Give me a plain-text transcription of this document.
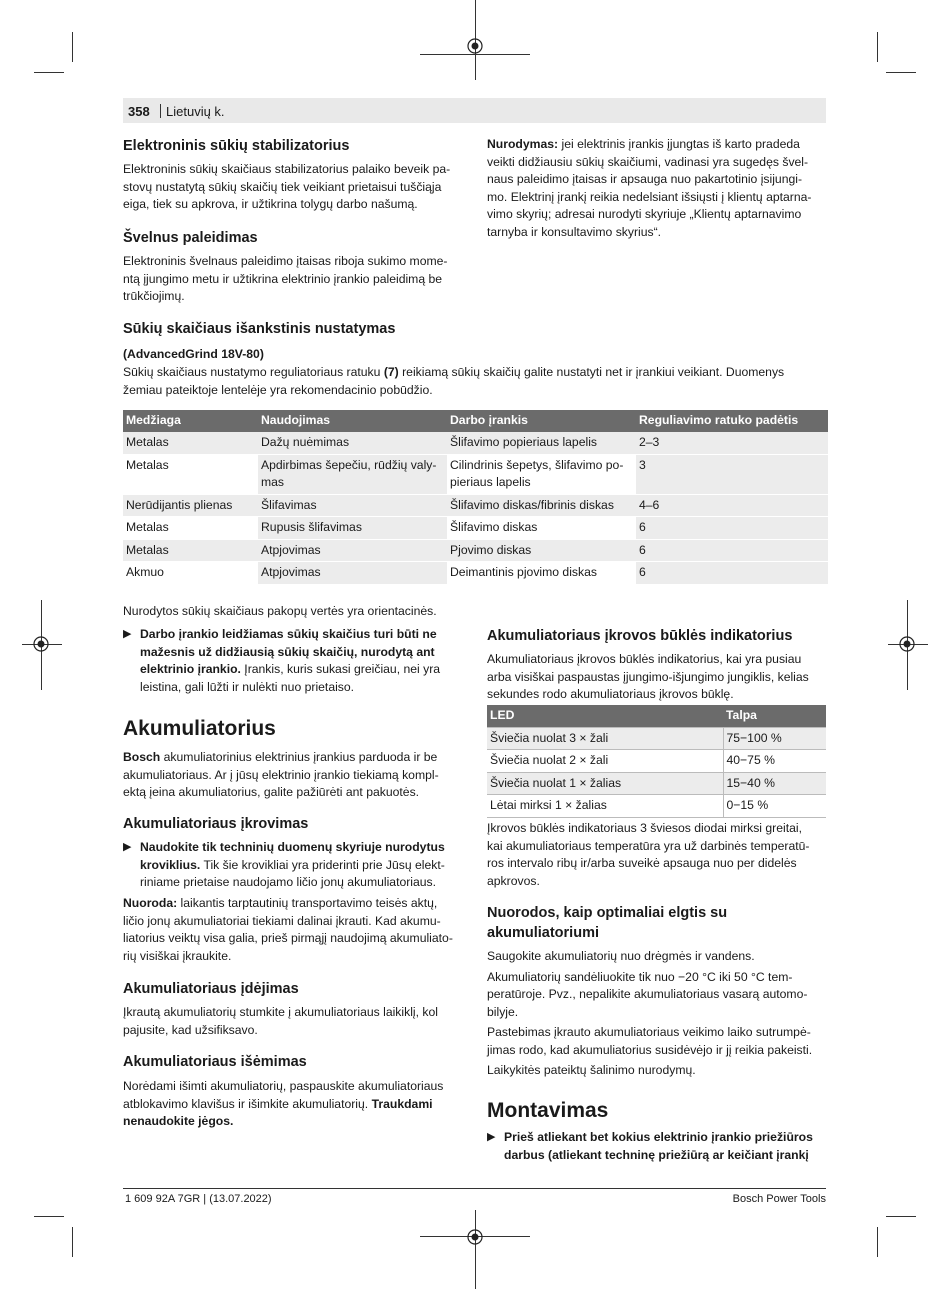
358 Lietuvių k.
Elektroninis sūkių stabilizatorius
Elektroninis sūkių skaičiaus stabilizatorius palaiko beveik pa-
stovų nustatytą sūkių skaičių tiek veikiant prietaisui tuščiąja
eiga, tiek su apkrova, ir užtikrina tolygų darbo našumą.
Švelnus paleidimas
Elektroninis švelnaus paleidimo įtaisas riboja sukimo mome-
ntą įjungimo metu ir užtikrina elektrinio įrankio paleidimą be
trūkčiojimų.
Nurodymas: jei elektrinis įrankis įjungtas iš karto pradeda
veikti didžiausiu sūkių skaičiumi, vadinasi yra sugedęs švel-
naus paleidimo įtaisas ir apsauga nuo pakartotinio įsijungi-
mo. Elektrinį įrankį reikia nedelsiant išsiųsti į klientų aptarna-
vimo skyrių; adresai nurodyti skyriuje „Klientų aptarnavimo
tarnyba ir konsultavimo skyrius“.
Sūkių skaičiaus išankstinis nustatymas
(AdvancedGrind 18V-80)
Sūkių skaičiaus nustatymo reguliatoriaus ratuku (7) reikiamą sūkių skaičių galite nustatyti net ir įrankiui veikiant. Duomenys
žemiau pateiktoje lentelėje yra rekomendacinio pobūdžio.
Medžiaga	Naudojimas	Darbo įrankis	Reguliavimo ratuko padėtis
Metalas	Dažų nuėmimas	Šlifavimo popieriaus lapelis	2–3
Metalas	Apdirbimas šepečiu, rūdžių valy-
mas	Cilindrinis šepetys, šlifavimo po-
pieriaus lapelis	3
Nerūdijantis plienas	Šlifavimas	Šlifavimo diskas/fibrinis diskas	4–6
Metalas	Rupusis šlifavimas	Šlifavimo diskas	6
Metalas	Atpjovimas	Pjovimo diskas	6
Akmuo	Atpjovimas	Deimantinis pjovimo diskas	6
Nurodytos sūkių skaičiaus pakopų vertės yra orientacinės.
▶ Darbo įrankio leidžiamas sūkių skaičius turi būti ne
mažesnis už didžiausią sūkių skaičių, nurodytą ant
elektrinio įrankio. Įrankis, kuris sukasi greičiau, nei yra
leistina, gali lūžti ir nulėkti nuo prietaiso.
Akumuliatorius
Bosch akumuliatorinius elektrinius įrankius parduoda ir be
akumuliatoriaus. Ar į jūsų elektrinio įrankio tiekiamą kompl-
ektą įeina akumuliatorius, galite pažiūrėti ant pakuotės.
Akumuliatoriaus įkrovimas
▶ Naudokite tik techninių duomenų skyriuje nurodytus
kroviklius. Tik šie krovikliai yra priderinti prie Jūsų elekt-
riniame prietaise naudojamo ličio jonų akumuliatoriaus.
Nuoroda: laikantis tarptautinių transportavimo teisės aktų,
ličio jonų akumuliatoriai tiekiami dalinai įkrauti. Kad akumu-
liatorius veiktų visa galia, prieš pirmąjį naudojimą akumuliato-
rių visiškai įkraukite.
Akumuliatoriaus įdėjimas
Įkrautą akumuliatorių stumkite į akumuliatoriaus laikiklį, kol
pajusite, kad užsifiksavo.
Akumuliatoriaus išėmimas
Norėdami išimti akumuliatorių, paspauskite akumuliatoriaus
atblokavimo klavišus ir išimkite akumuliatorių. Traukdami
nenaudokite jėgos.
Akumuliatoriaus įkrovos būklės indikatorius
Akumuliatoriaus įkrovos būklės indikatorius, kai yra pusiau
arba visiškai paspaustas įjungimo-išjungimo jungiklis, kelias
sekundes rodo akumuliatoriaus įkrovos būklę.
LED	Talpa
Šviečia nuolat 3 × žali	75−100 %
Šviečia nuolat 2 × žali	40−75 %
Šviečia nuolat 1 × žalias	15−40 %
Lėtai mirksi 1 × žalias	0−15 %
Įkrovos būklės indikatoriaus 3 šviesos diodai mirksi greitai,
kai akumuliatoriaus temperatūra yra už darbinės temperatū-
ros intervalo ribų ir/arba suveikė apsauga nuo per didelės
apkrovos.
Nuorodos, kaip optimaliai elgtis su
akumuliatoriumi
Saugokite akumuliatorių nuo drėgmės ir vandens.
Akumuliatorių sandėliuokite tik nuo −20 °C iki 50 °C tem-
peratūroje. Pvz., nepalikite akumuliatoriaus vasarą automo-
bilyje.
Pastebimas įkrauto akumuliatoriaus veikimo laiko sutrumpė-
jimas rodo, kad akumuliatorius susidėvėjo ir jį reikia pakeisti.
Laikykitės pateiktų šalinimo nurodymų.
Montavimas
▶ Prieš atliekant bet kokius elektrinio įrankio priežiūros
darbus (atliekant techninę priežiūrą ar keičiant įrankį
1 609 92A 7GR | (13.07.2022)	Bosch Power Tools
